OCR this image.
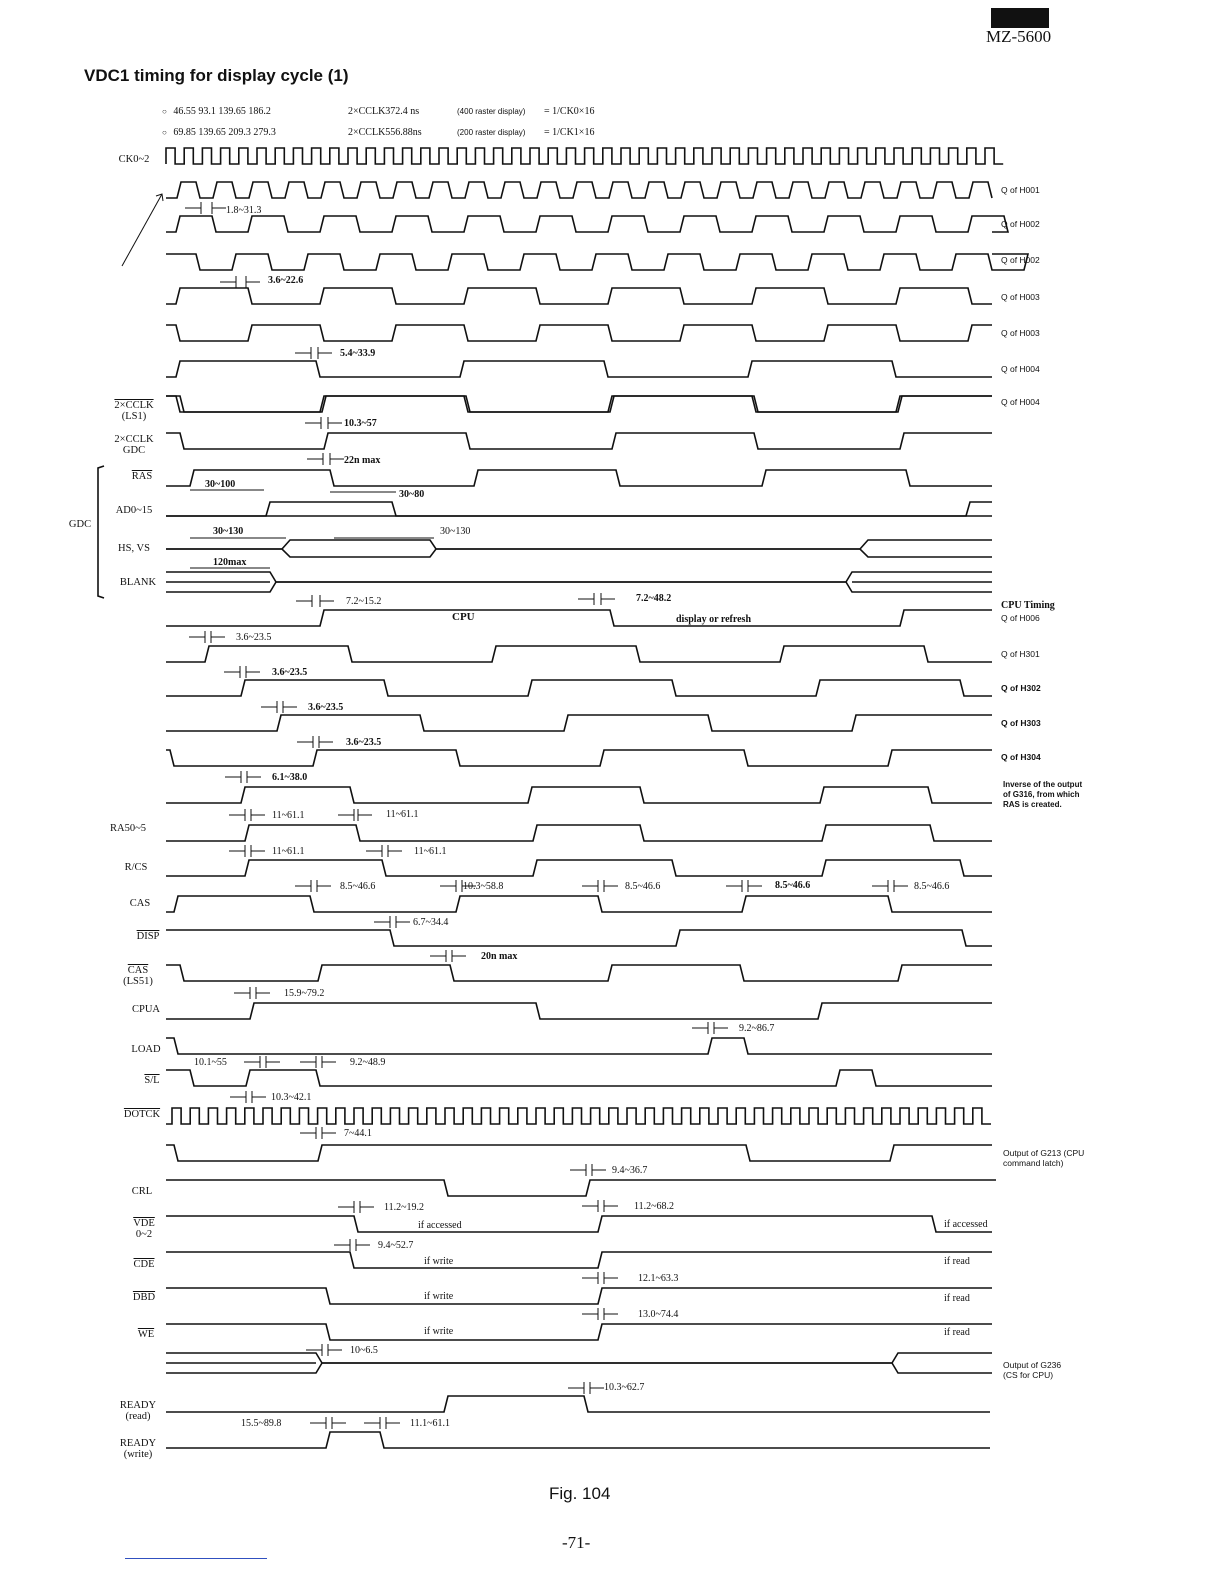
MZ-5600
VDC1 timing for display cycle (1)
○ 46.55 93.1 139.65 186.2	2×CCLK372.4 ns	(400 raster display) = 1/CK0×16
○ 69.85 139.65 209.3 279.3	2×CCLK556.88ns	(200 raster display) = 1/CK1×16
CK0~2
2×CCLK
(LS1)
2×CCLK
GDC
$\overline{RAS}$
AD0~15
HS, VS
BLANK
GDC
RA50~5
R/CS
CAS
DISP
$\overline{CAS}$
(LS51)
CPUA
LOAD
S/L
DOTCK
CRL
$\overline{VDE}$
0~2
$\overline{CDE}$
$\overline{DBD}$
$\overline{WE}$
READY
(read)
READY
(write)
Q of H001
Q of H002
Q of H002
Q of H003
Q of H003
Q of H004
Q of H004
CPU Timing
Q of H006
Q of H301
Q of H302
Q of H303
Q of H304
Inverse of the output
of G316, from which
RAS is created.
Output of G213 (CPU
command latch)
Output of G236
(CS for CPU)
1.8~31.3
3.6~22.6
5.4~33.9
10.3~57
22n max
30~100
30~80
30~130	30~130
120max
7.2~15.2	7.2~48.2
CPU	display or refresh
3.6~23.5
3.6~23.5
3.6~23.5
3.6~23.5
6.1~38.0
11~61.1	11~61.1
11~61.1	11~61.1
8.5~46.6	10.3~58.8	8.5~46.6	8.5~46.6	8.5~46.6
6.7~34.4
20n max
15.9~79.2
9.2~86.7
10.1~55	9.2~48.9
10.3~42.1
7~44.1
9.4~36.7
11.2~19.2	11.2~68.2
if accessed	if accessed
9.4~52.7
if write	if read
12.1~63.3
if write	if read
13.0~74.4
if write	if read
10~6.5
10.3~62.7
15.5~89.8	11.1~61.1
Fig. 104
-71-
